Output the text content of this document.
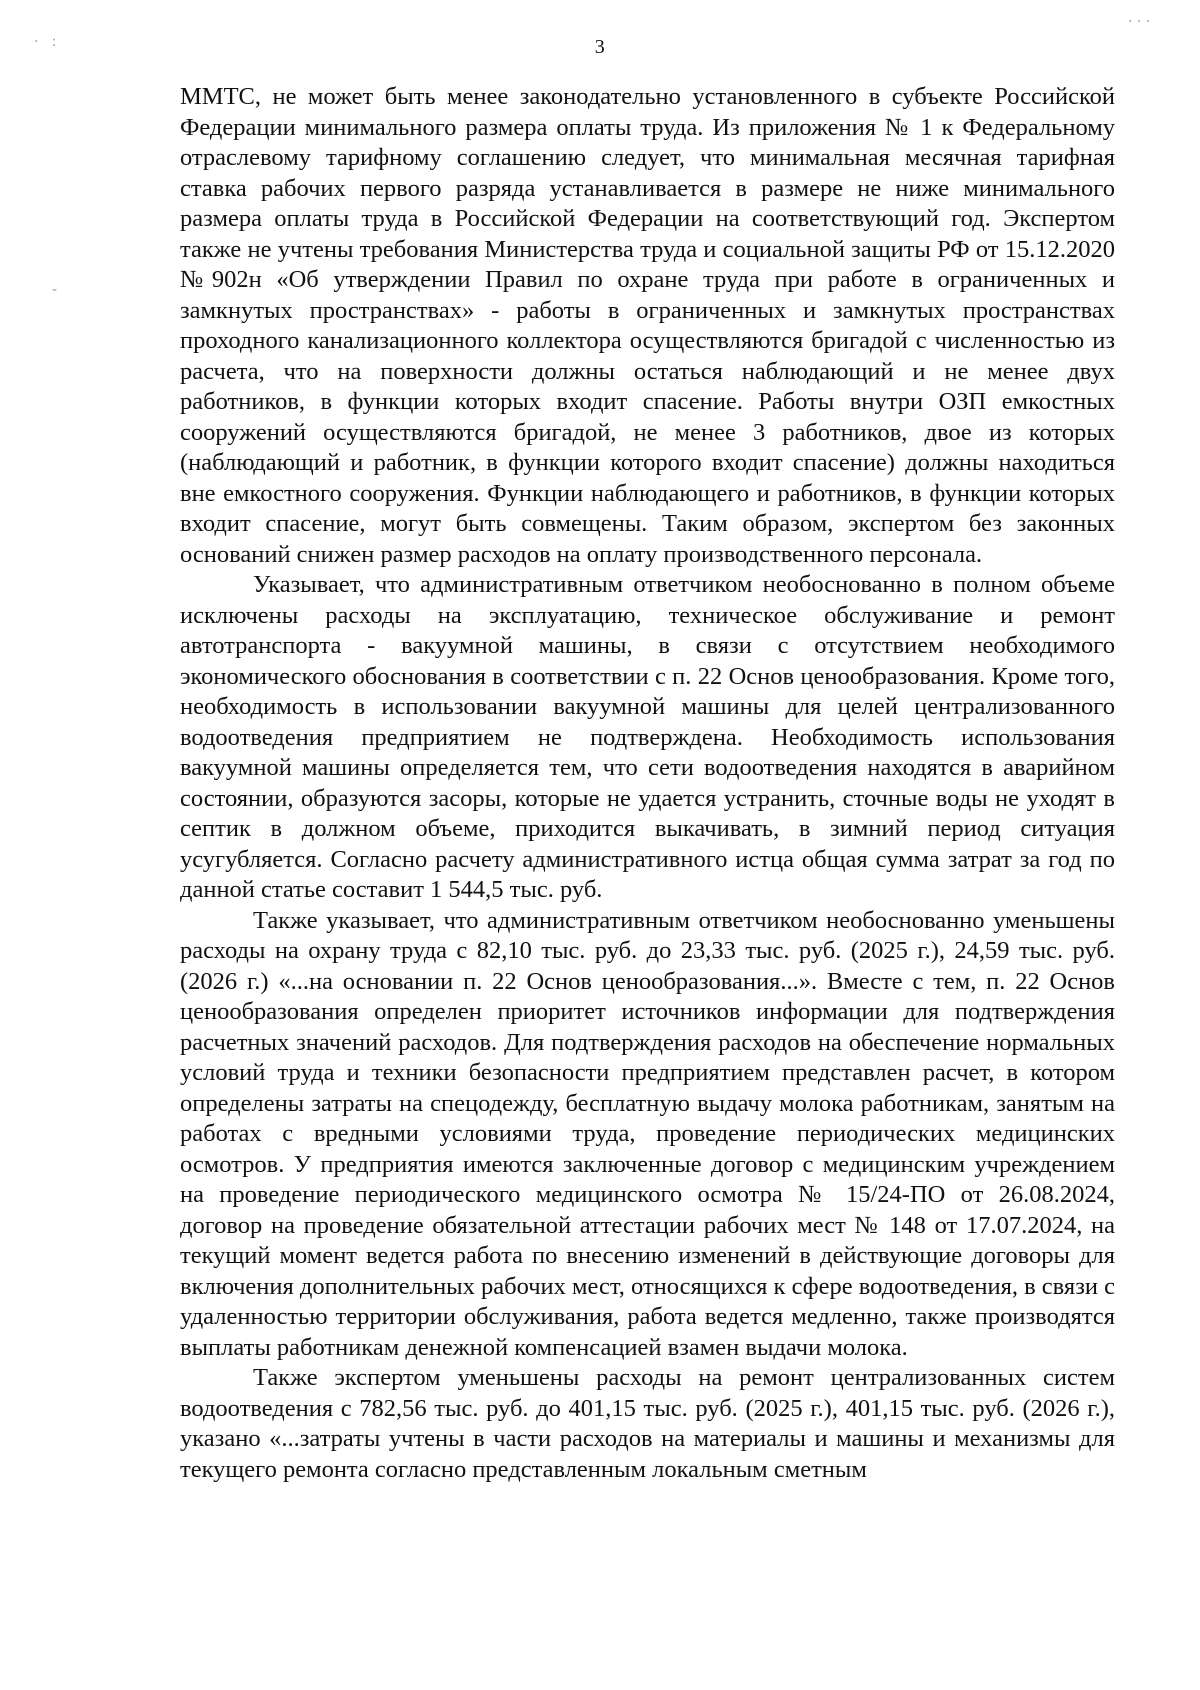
·   :
-
· · ·
3

ММТС, не может быть менее законодательно установленного в субъекте Российской Федерации минимального размера оплаты труда. Из приложения № 1 к Федеральному отраслевому тарифному соглашению следует, что минимальная месячная тарифная ставка рабочих первого разряда устанавливается в размере не ниже минимального размера оплаты труда в Российской Федерации на соответствующий год. Экспертом также не учтены требования Министерства труда и социальной защиты РФ от 15.12.2020 №902н «Об утверждении Правил по охране труда при работе в ограниченных и замкнутых пространствах» - работы в ограниченных и замкнутых пространствах проходного канализационного коллектора осуществляются бригадой с численностью из расчета, что на поверхности должны остаться наблюдающий и не менее двух работников, в функции которых входит спасение. Работы внутри ОЗП емкостных сооружений осуществляются бригадой, не менее 3 работников, двое из которых (наблюдающий и работник, в функции которого входит спасение) должны находиться вне емкостного сооружения. Функции наблюдающего и работников, в функции которых входит спасение, могут быть совмещены. Таким образом, экспертом без законных оснований снижен размер расходов на оплату производственного персонала.

Указывает, что административным ответчиком необоснованно в полном объеме исключены расходы на эксплуатацию, техническое обслуживание и ремонт автотранспорта - вакуумной машины, в связи с отсутствием необходимого экономического обоснования в соответствии с п. 22 Основ ценообразования. Кроме того, необходимость в использовании вакуумной машины для целей централизованного водоотведения предприятием не подтверждена. Необходимость использования вакуумной машины определяется тем, что сети водоотведения находятся в аварийном состоянии, образуются засоры, которые не удается устранить, сточные воды не уходят в септик в должном объеме, приходится выкачивать, в зимний период ситуация усугубляется. Согласно расчету административного истца общая сумма затрат за год по данной статье составит 1 544,5 тыс. руб.

Также указывает, что административным ответчиком необоснованно уменьшены расходы на охрану труда с 82,10 тыс. руб. до 23,33 тыс. руб. (2025 г.), 24,59 тыс. руб. (2026 г.) «...на основании п. 22 Основ ценообразования...». Вместе с тем, п. 22 Основ ценообразования определен приоритет источников информации для подтверждения расчетных значений расходов. Для подтверждения расходов на обеспечение нормальных условий труда и техники безопасности предприятием представлен расчет, в котором определены затраты на спецодежду, бесплатную выдачу молока работникам, занятым на работах с вредными условиями труда, проведение периодических медицинских осмотров. У предприятия имеются заключенные договор с медицинским учреждением на проведение периодического медицинского осмотра № 15/24-ПО от 26.08.2024, договор на проведение обязательной аттестации рабочих мест № 148 от 17.07.2024, на текущий момент ведется работа по внесению изменений в действующие договоры для включения дополнительных рабочих мест, относящихся к сфере водоотведения, в связи с удаленностью территории обслуживания, работа ведется медленно, также производятся выплаты работникам денежной компенсацией взамен выдачи молока.

Также экспертом уменьшены расходы на ремонт централизованных систем водоотведения с 782,56 тыс. руб. до 401,15 тыс. руб. (2025 г.), 401,15 тыс. руб. (2026 г.), указано «...затраты учтены в части расходов на материалы и машины и механизмы для текущего ремонта согласно представленным локальным сметным
